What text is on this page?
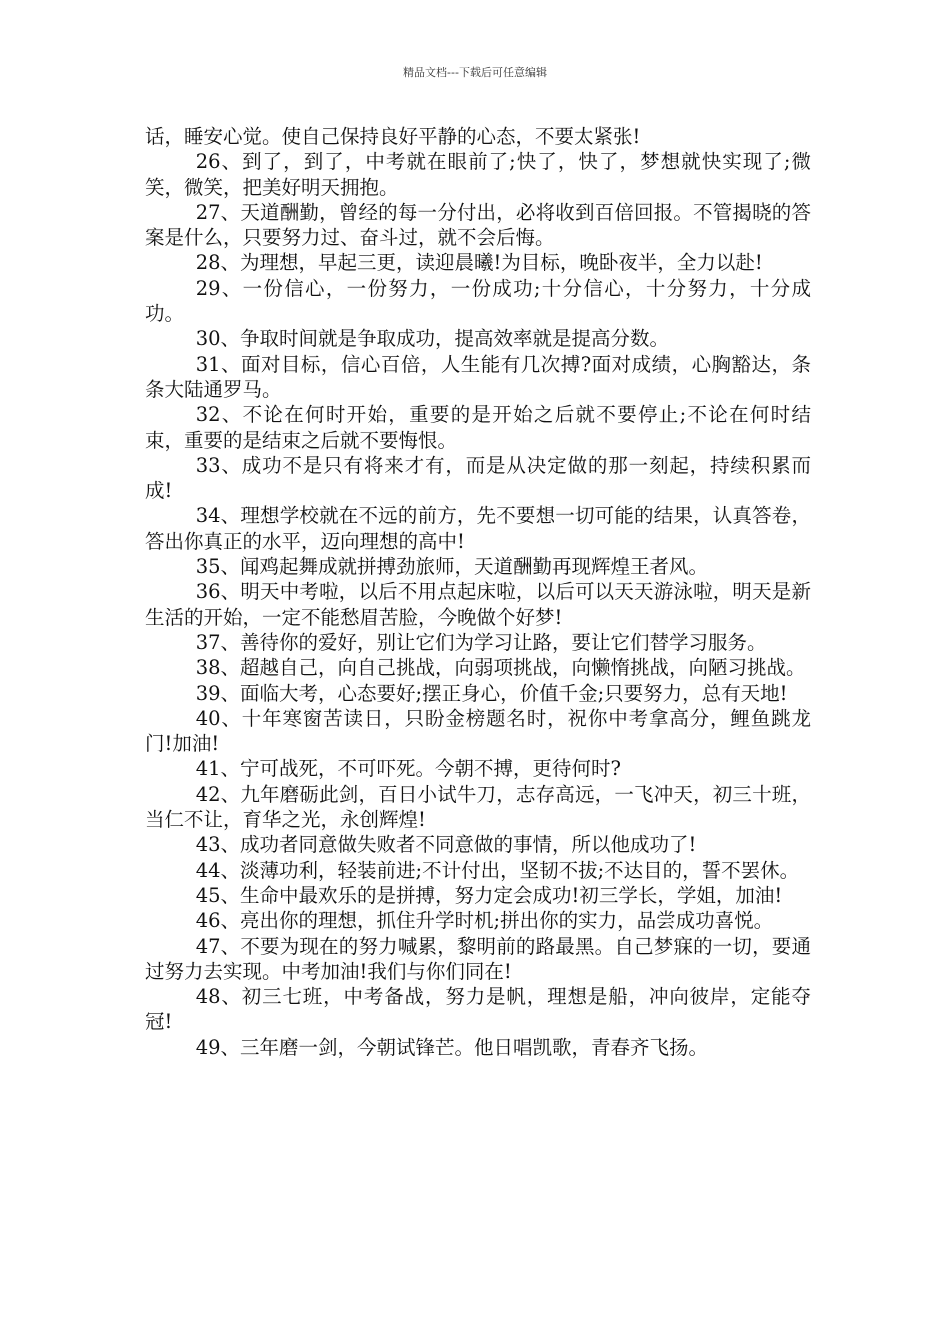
精品文档---下载后可任意编辑

话，睡安心觉。使自己保持良好平静的心态，不要太紧张!

26、到了，到了，中考就在眼前了;快了，快了，梦想就快实现了;微笑，微笑，把美好明天拥抱。

27、天道酬勤，曾经的每一分付出，必将收到百倍回报。不管揭晓的答案是什么，只要努力过、奋斗过，就不会后悔。

28、为理想，早起三更，读迎晨曦!为目标，晚卧夜半，全力以赴!

29、一份信心，一份努力，一份成功;十分信心，十分努力，十分成功。

30、争取时间就是争取成功，提高效率就是提高分数。

31、面对目标，信心百倍，人生能有几次搏?面对成绩，心胸豁达，条条大陆通罗马。

32、不论在何时开始，重要的是开始之后就不要停止;不论在何时结束，重要的是结束之后就不要悔恨。

33、成功不是只有将来才有，而是从决定做的那一刻起，持续积累而成!

34、理想学校就在不远的前方，先不要想一切可能的结果，认真答卷，答出你真正的水平，迈向理想的高中!

35、闻鸡起舞成就拼搏劲旅师，天道酬勤再现辉煌王者风。

36、明天中考啦，以后不用点起床啦，以后可以天天游泳啦，明天是新生活的开始，一定不能愁眉苦脸，今晚做个好梦!

37、善待你的爱好，别让它们为学习让路，要让它们替学习服务。

38、超越自己，向自己挑战，向弱项挑战，向懒惰挑战，向陋习挑战。

39、面临大考，心态要好;摆正身心，价值千金;只要努力，总有天地!

40、十年寒窗苦读日，只盼金榜题名时，祝你中考拿高分，鲤鱼跳龙门!加油!

41、宁可战死，不可吓死。今朝不搏，更待何时?

42、九年磨砺此剑，百日小试牛刀，志存高远，一飞冲天，初三十班，当仁不让，育华之光，永创辉煌!

43、成功者同意做失败者不同意做的事情，所以他成功了!

44、淡薄功利，轻装前进;不计付出，坚韧不拔;不达目的，誓不罢休。

45、生命中最欢乐的是拼搏，努力定会成功!初三学长，学姐，加油!

46、亮出你的理想，抓住升学时机;拼出你的实力，品尝成功喜悦。

47、不要为现在的努力喊累，黎明前的路最黑。自己梦寐的一切，要通过努力去实现。中考加油!我们与你们同在!

48、初三七班，中考备战，努力是帆，理想是船，冲向彼岸，定能夺冠!

49、三年磨一剑，今朝试锋芒。他日唱凯歌，青春齐飞扬。
